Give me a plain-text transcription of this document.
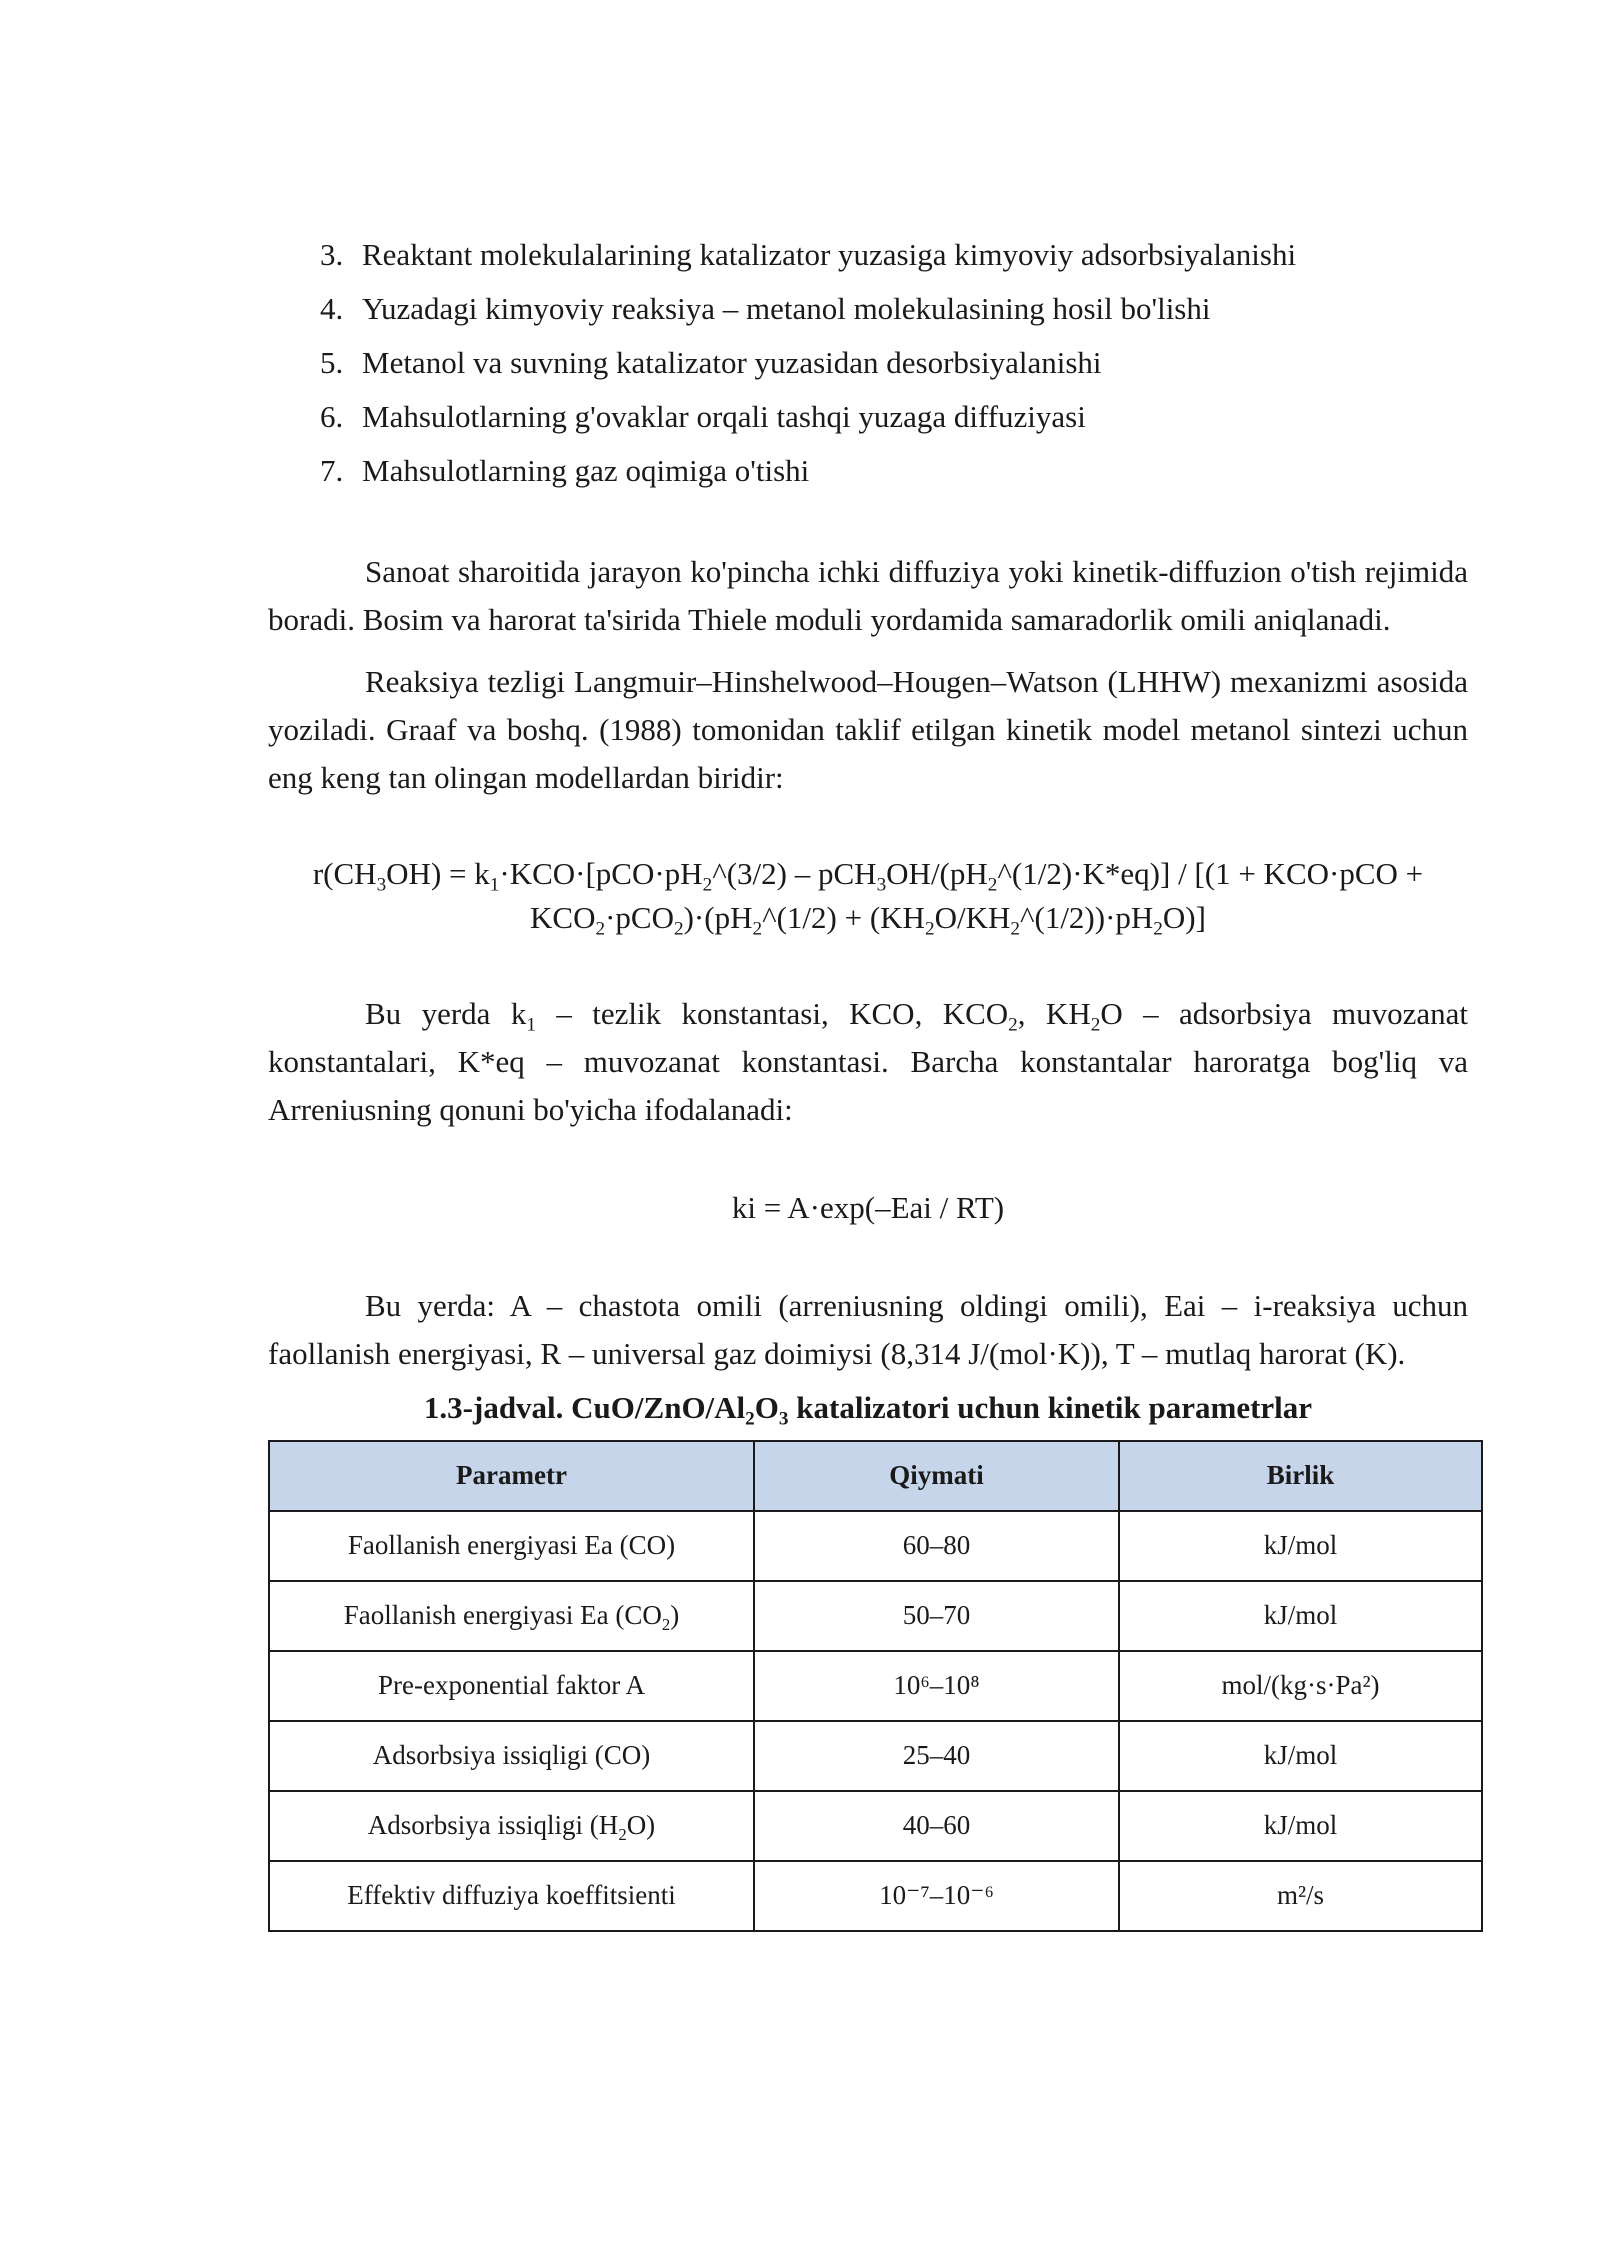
3. Reaktant molekulalarining katalizator yuzasiga kimyoviy adsorbsiyalanishi
4. Yuzadagi kimyoviy reaksiya – metanol molekulasining hosil bo'lishi
5. Metanol va suvning katalizator yuzasidan desorbsiyalanishi
6. Mahsulotlarning g'ovaklar orqali tashqi yuzaga diffuziyasi
7. Mahsulotlarning gaz oqimiga o'tishi

Sanoat sharoitida jarayon ko'pincha ichki diffuziya yoki kinetik-diffuzion o'tish rejimida boradi. Bosim va harorat ta'sirida Thiele moduli yordamida samaradorlik omili aniqlanadi.

Reaksiya tezligi Langmuir–Hinshelwood–Hougen–Watson (LHHW) mexanizmi asosida yoziladi. Graaf va boshq. (1988) tomonidan taklif etilgan kinetik model metanol sintezi uchun eng keng tan olingan modellardan biridir:

$r(CH_3OH)$ = $k_1\cdot KCO\cdot[pCO\cdot pH_2\^{}(3/2)$ – $pCH_3OH/(pH_2\^{}(1/2)\cdot K*eq)] / [(1 + KCO\cdot pCO$ +
$KCO_2\cdot pCO_2)\cdot(pH_2\^{}(1/2)$ + $(KH_2O/KH_2\^{}(1/2))\cdot pH_2O$)]

Bu yerda $k_1$ – tezlik konstantasi, KCO, $KCO_2$, $KH_2O$ – adsorbsiya muvozanat konstantalari, K*eq – muvozanat konstantasi. Barcha konstantalar haroratga bog'liq va Arreniusning qonuni bo'yicha ifodalanadi:

ki = A·exp(–Eai / RT)

Bu yerda: A – chastota omili (arreniusning oldingi omili), Eai – i-reaksiya uchun faollanish energiyasi, R – universal gaz doimiysi (8,314 J/(mol·K)), T – mutlaq harorat (K).

1.3-jadval. CuO/$ZnO/Al_2O_3$ katalizatori uchun kinetik parametrlar
Parametr	Qiymati	Birlik
Faollanish energiyasi Ea (CO)	60–80	kJ/mol
Faollanish energiyasi Ea $(CO_2)$	50–70	kJ/mol
Pre-exponential faktor A	10⁶–10⁸	mol/(kg·s·Pa²)
Adsorbsiya issiqligi (CO)	25–40	kJ/mol
Adsorbsiya issiqligi $(H_2O)$	40–60	kJ/mol
Effektiv diffuziya koeffitsienti	10⁻⁷–10⁻⁶	m²/s
